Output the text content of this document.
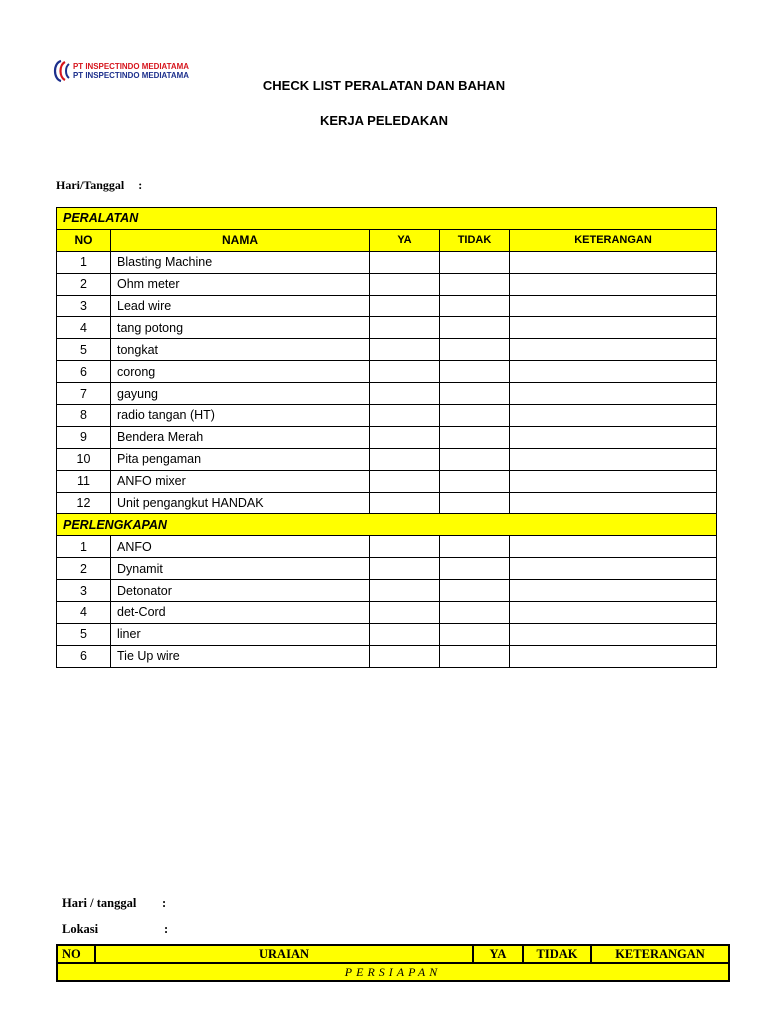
PT INSPECTINDO MEDIATAMA
PT INSPECTINDO MEDIATAMA
CHECK LIST PERALATAN DAN BAHAN
KERJA PELEDAKAN
Hari/Tanggal :
PERALATAN				
NO	NAMA	YA	TIDAK	KETERANGAN
1	Blasting Machine			
2	Ohm meter			
3	Lead wire			
4	tang potong			
5	tongkat			
6	corong			
7	gayung			
8	radio tangan (HT)			
9	Bendera Merah			
10	Pita pengaman			
11	ANFO mixer			
12	Unit pengangkut HANDAK			
PERLENGKAPAN				
1	ANFO			
2	Dynamit			
3	Detonator			
4	det-Cord			
5	liner			
6	Tie Up wire			
Hari / tanggal :
Lokasi	:
NO	URAIAN	YA	TIDAK	KETERANGAN
PERSIAPAN
